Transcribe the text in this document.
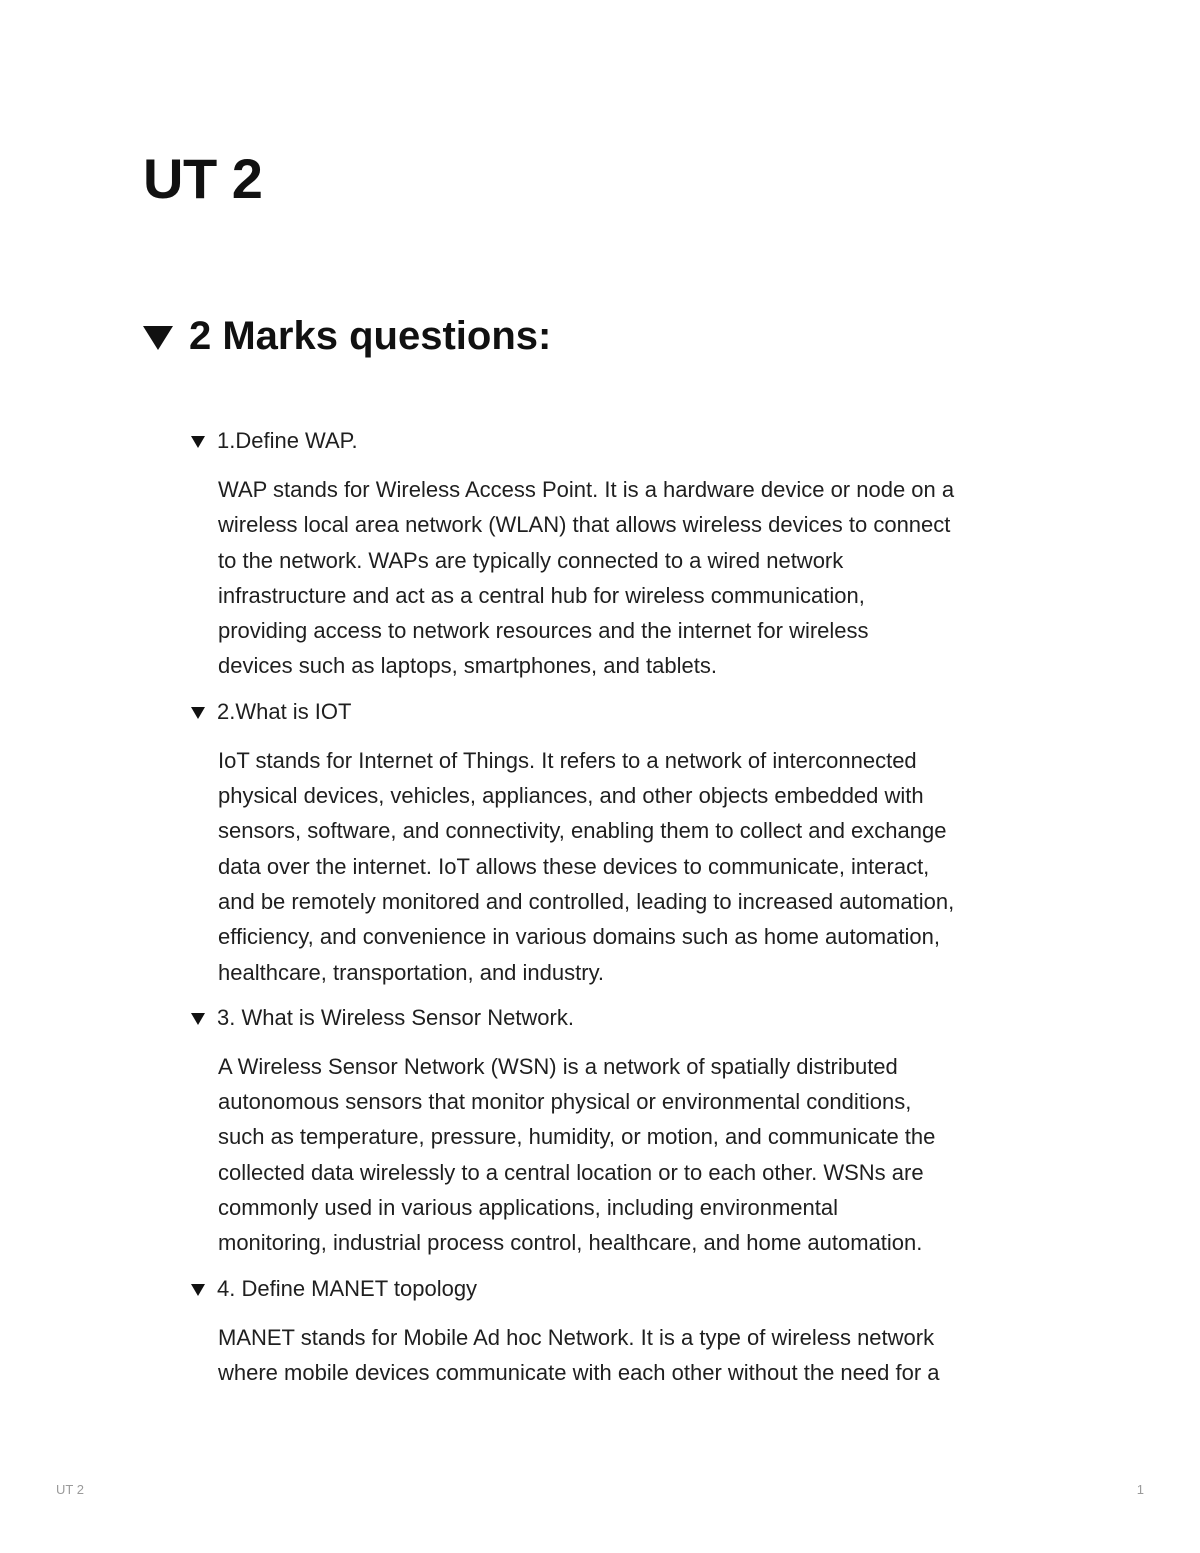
UT 2
2 Marks questions:
1.Define WAP.
WAP stands for Wireless Access Point. It is a hardware device or node on a
wireless local area network (WLAN) that allows wireless devices to connect
to the network. WAPs are typically connected to a wired network
infrastructure and act as a central hub for wireless communication,
providing access to network resources and the internet for wireless
devices such as laptops, smartphones, and tablets.
2.What is IOT
IoT stands for Internet of Things. It refers to a network of interconnected
physical devices, vehicles, appliances, and other objects embedded with
sensors, software, and connectivity, enabling them to collect and exchange
data over the internet. IoT allows these devices to communicate, interact,
and be remotely monitored and controlled, leading to increased automation,
efficiency, and convenience in various domains such as home automation,
healthcare, transportation, and industry.
3. What is Wireless Sensor Network.
A Wireless Sensor Network (WSN) is a network of spatially distributed
autonomous sensors that monitor physical or environmental conditions,
such as temperature, pressure, humidity, or motion, and communicate the
collected data wirelessly to a central location or to each other. WSNs are
commonly used in various applications, including environmental
monitoring, industrial process control, healthcare, and home automation.
4. Define MANET topology
MANET stands for Mobile Ad hoc Network. It is a type of wireless network
where mobile devices communicate with each other without the need for a
UT 2	1
